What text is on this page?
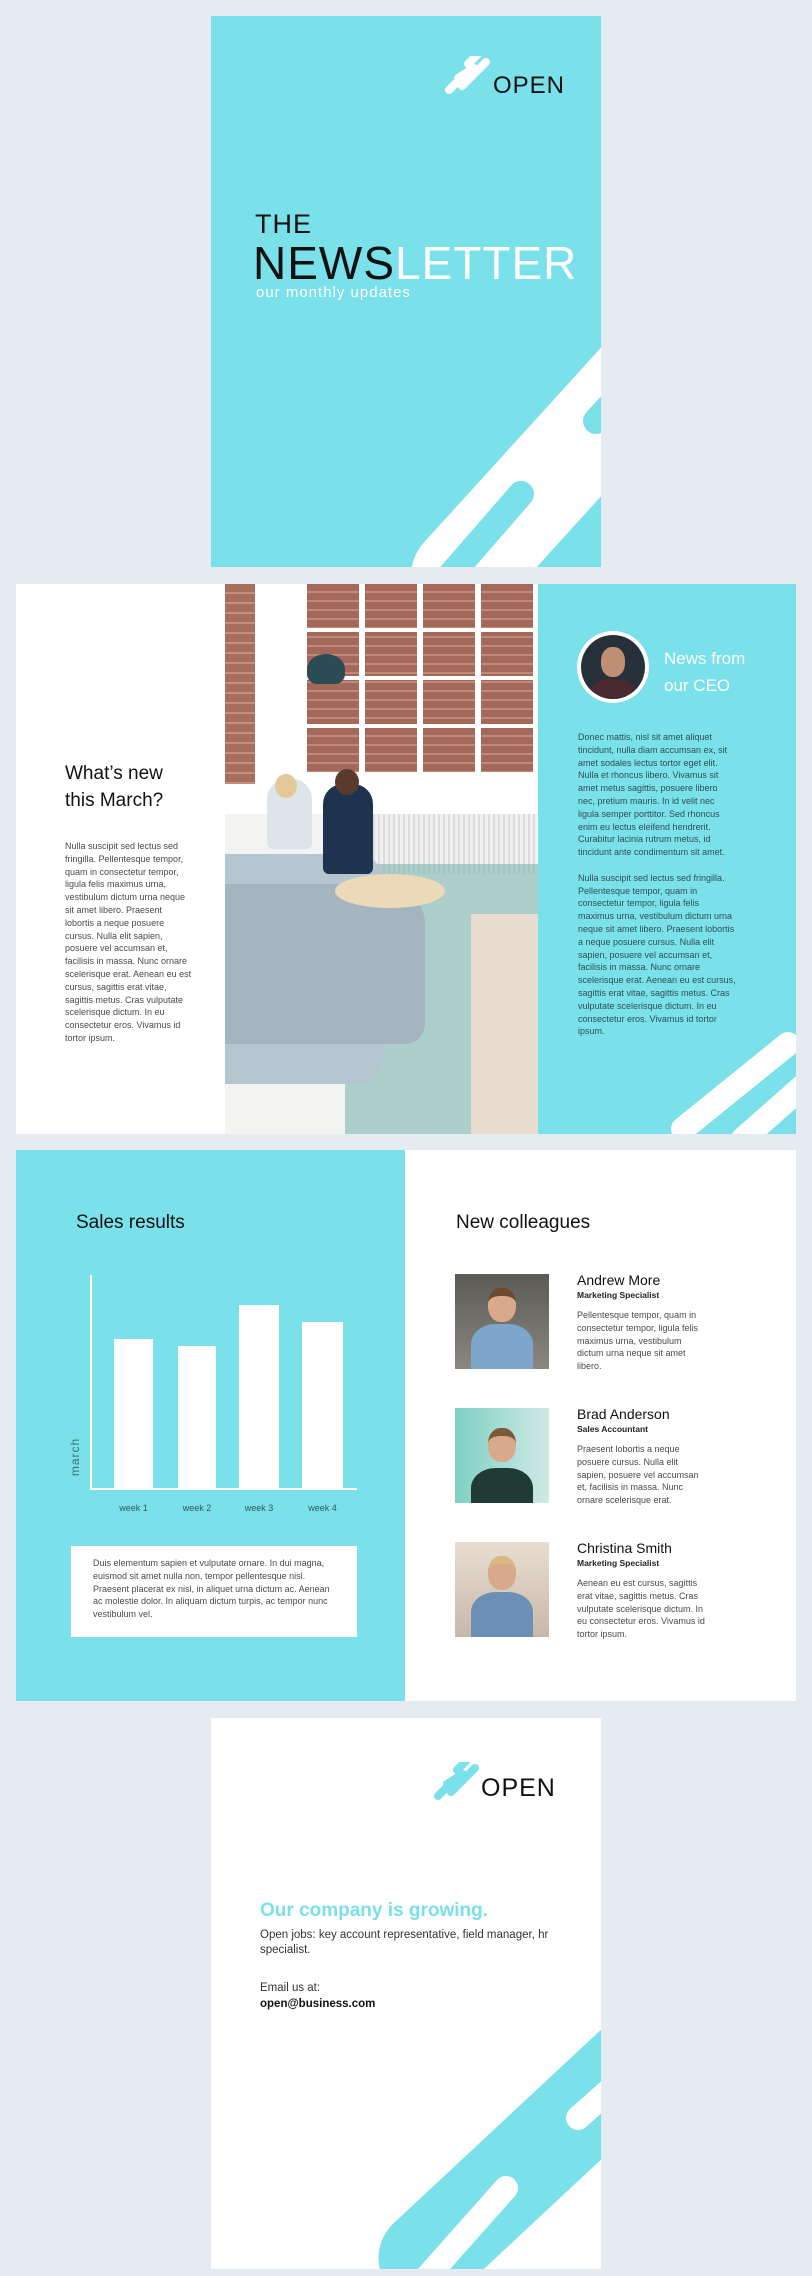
OPEN
THE
NEWSLETTER
our monthly updates
What’s new
this March?
Nulla suscipit sed lectus sed fringilla. Pellentesque tempor, quam in consectetur tempor, ligula felis maximus urna, vestibulum dictum urna neque sit amet libero. Praesent lobortis a neque posuere cursus. Nulla elit sapien, posuere vel accumsan et, facilisis in massa. Nunc ornare scelerisque erat. Aenean eu est cursus, sagittis erat vitae, sagittis metus. Cras vulputate scelerisque dictum. In eu consectetur eros. Vivamus id tortor ipsum.
News from
our CEO

Donec mattis, nisl sit amet aliquet tincidunt, nulla diam accumsan ex, sit amet sodales lectus tortor eget elit. Nulla et rhoncus libero. Vivamus sit amet metus sagittis, posuere libero nec, pretium mauris. In id velit nec ligula semper porttitor. Sed rhoncus enim eu lectus eleifend hendrerit. Curabitur lacinia rutrum metus, id tincidunt ante condimentum sit amet.

Nulla suscipit sed lectus sed fringilla. Pellentesque tempor, quam in consectetur tempor, ligula felis maximus urna, vestibulum dictum urna neque sit amet libero. Praesent lobortis a neque posuere cursus. Nulla elit sapien, posuere vel accumsan et, facilisis in massa. Nunc ornare scelerisque erat. Aenean eu est cursus, sagittis erat vitae, sagittis metus. Cras vulputate scelerisque dictum. In eu consectetur eros. Vivamus id tortor ipsum.

Sales results
march
week 1	week 2	week 3	week 4

Duis elementum sapien et vulputate ornare. In dui magna, euismod sit amet nulla non, tempor pellentesque nisl. Praesent placerat ex nisl, in aliquet urna dictum ac. Aenean ac molestie dolor. In aliquam dictum turpis, ac tempor nunc vestibulum vel.

New colleagues
Andrew More
Marketing Specialist
Pellentesque tempor, quam in consectetur tempor, ligula felis maximus urna, vestibulum dictum urna neque sit amet libero.
Brad Anderson
Sales Accountant
Praesent lobortis a neque posuere cursus. Nulla elit sapien, posuere vel accumsan et, facilisis in massa. Nunc ornare scelerisque erat.
Christina Smith
Marketing Specialist
Aenean eu est cursus, sagittis erat vitae, sagittis metus. Cras vulputate scelerisque dictum. In eu consectetur eros. Vivamus id tortor ipsum.
OPEN
Our company is growing.
Open jobs: key account representative, field manager, hr specialist.
Email us at:
open@business.com
